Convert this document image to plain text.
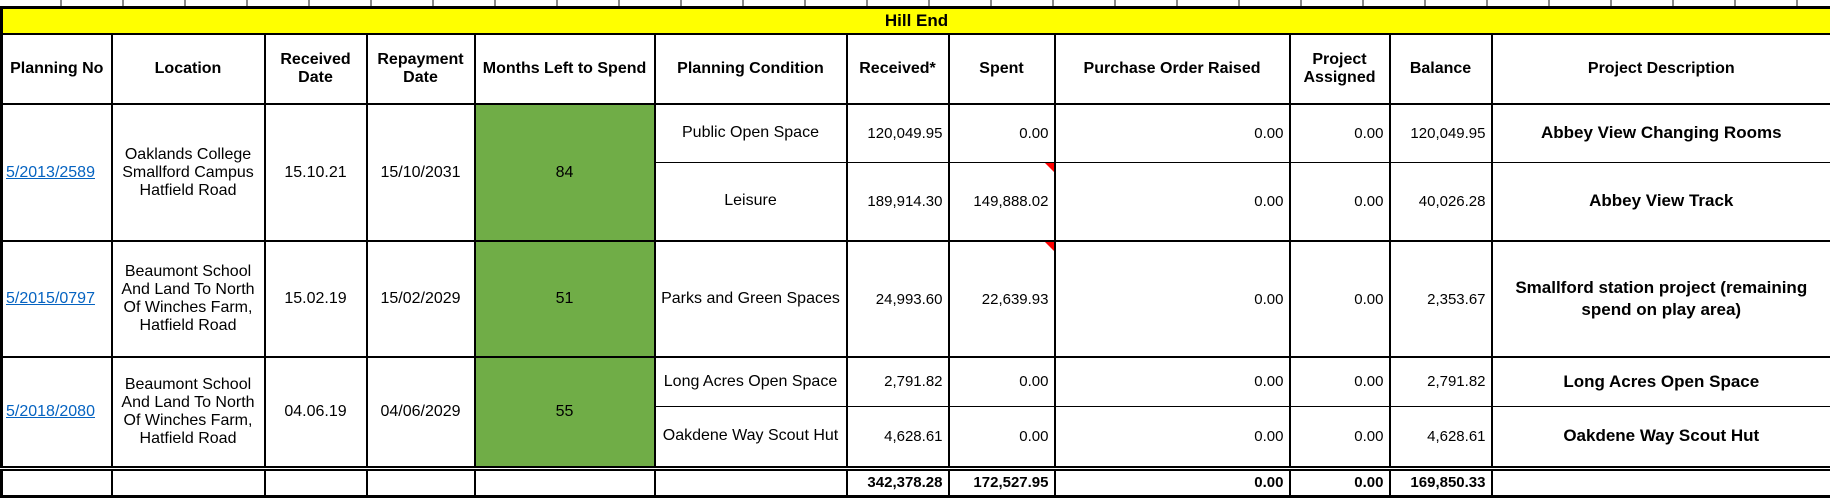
Hill End											
Planning No	Location	Received Date	Repayment Date	Months Left to Spend	Planning Condition	Received*	Spent	Purchase Order Raised	Project Assigned	Balance	Project Description
5/2013/2589	Oaklands College Smallford Campus Hatfield Road	15.10.21	15/10/2031	84	Public Open Space	120,049.95	0.00	0.00	0.00	120,049.95	Abbey View Changing Rooms
					Leisure	189,914.30	149,888.02	0.00	0.00	40,026.28	Abbey View Track
5/2015/0797	Beaumont School And Land To North Of Winches Farm, Hatfield Road	15.02.19	15/02/2029	51	Parks and Green Spaces	24,993.60	22,639.93	0.00	0.00	2,353.67	Smallford station project (remaining spend on play area)
5/2018/2080	Beaumont School And Land To North Of Winches Farm, Hatfield Road	04.06.19	04/06/2029	55	Long Acres Open Space	2,791.82	0.00	0.00	0.00	2,791.82	Long Acres Open Space
					Oakdene Way Scout Hut	4,628.61	0.00	0.00	0.00	4,628.61	Oakdene Way Scout Hut
						342,378.28	172,527.95	0.00	0.00	169,850.33	
